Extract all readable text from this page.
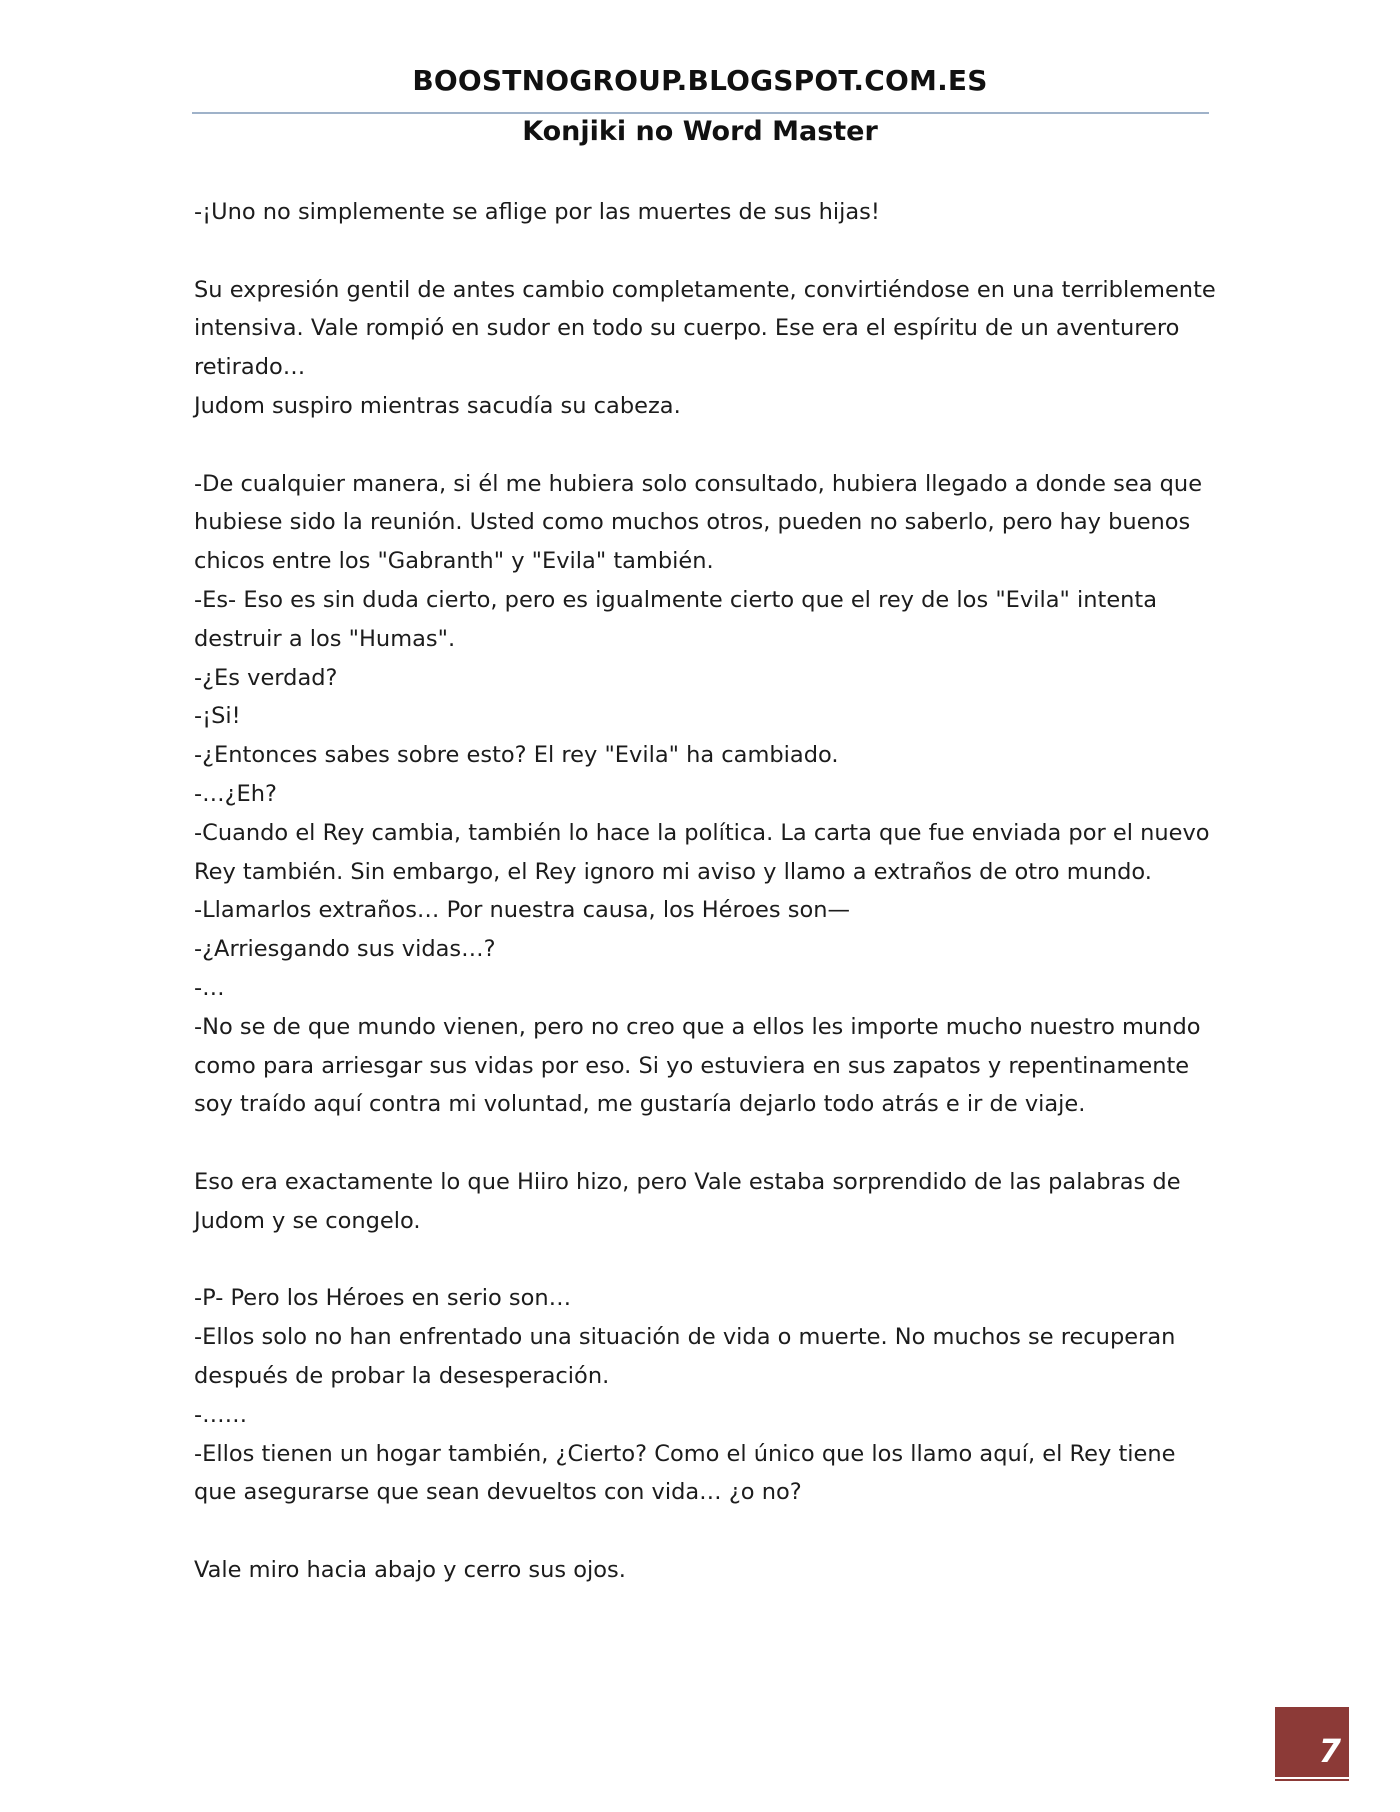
BOOSTNOGROUP.BLOGSPOT.COM.ES
Konjiki no Word Master
-¡Uno no simplemente se aflige por las muertes de sus hijas!
Su expresión gentil de antes cambio completamente, convirtiéndose en una terriblemente
intensiva. Vale rompió en sudor en todo su cuerpo. Ese era el espíritu de un aventurero
retirado…
Judom suspiro mientras sacudía su cabeza.
-De cualquier manera, si él me hubiera solo consultado, hubiera llegado a donde sea que
hubiese sido la reunión. Usted como muchos otros, pueden no saberlo, pero hay buenos
chicos entre los "Gabranth" y "Evila" también.
-Es- Eso es sin duda cierto, pero es igualmente cierto que el rey de los "Evila" intenta
destruir a los "Humas".
-¿Es verdad?
-¡Si!
-¿Entonces sabes sobre esto? El rey "Evila" ha cambiado.
-…¿Eh?
-Cuando el Rey cambia, también lo hace la política. La carta que fue enviada por el nuevo
Rey también. Sin embargo, el Rey ignoro mi aviso y llamo a extraños de otro mundo.
-Llamarlos extraños… Por nuestra causa, los Héroes son—
-¿Arriesgando sus vidas…?
-…
-No se de que mundo vienen, pero no creo que a ellos les importe mucho nuestro mundo
como para arriesgar sus vidas por eso. Si yo estuviera en sus zapatos y repentinamente
soy traído aquí contra mi voluntad, me gustaría dejarlo todo atrás e ir de viaje.
Eso era exactamente lo que Hiiro hizo, pero Vale estaba sorprendido de las palabras de
Judom y se congelo.
-P- Pero los Héroes en serio son…
-Ellos solo no han enfrentado una situación de vida o muerte. No muchos se recuperan
después de probar la desesperación.
-……
-Ellos tienen un hogar también, ¿Cierto? Como el único que los llamo aquí, el Rey tiene
que asegurarse que sean devueltos con vida… ¿o no?
Vale miro hacia abajo y cerro sus ojos.
7
